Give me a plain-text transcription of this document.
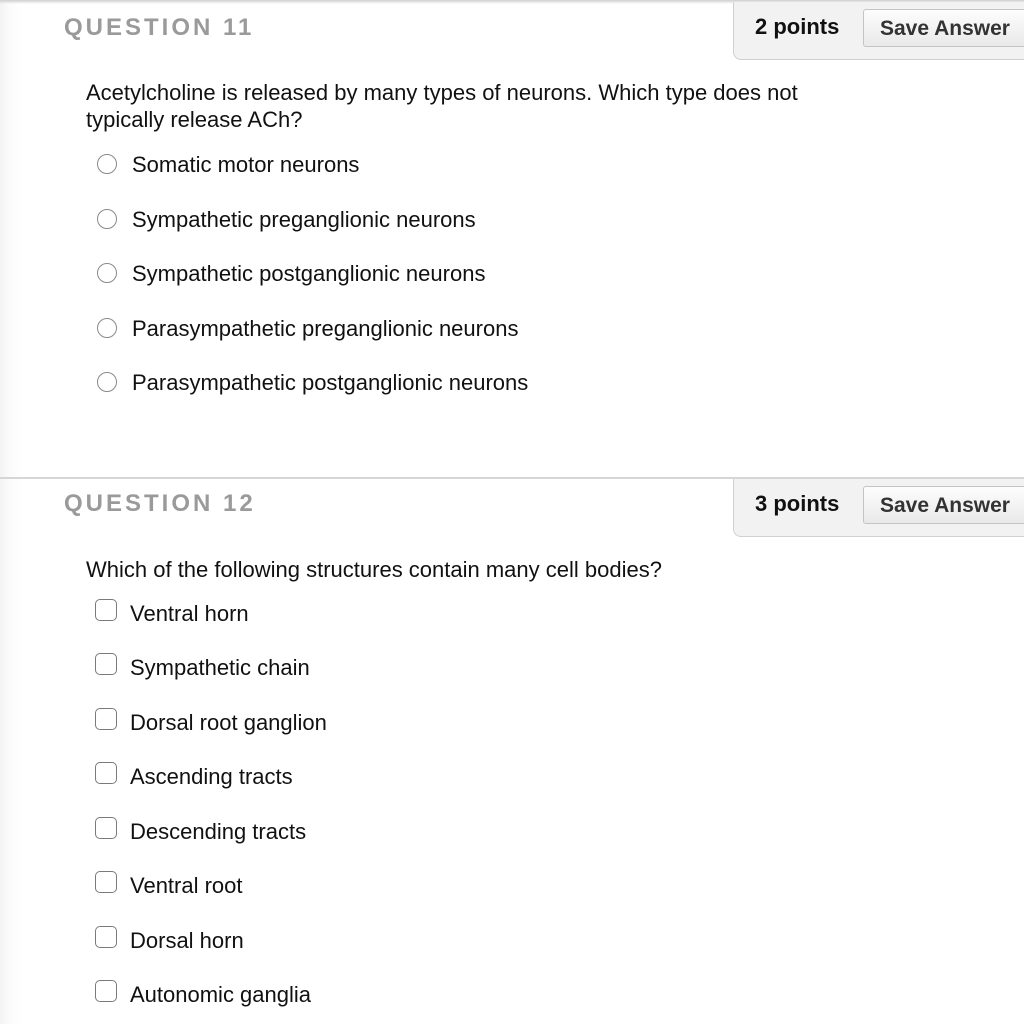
QUESTION 11	2 points	Save Answer
Acetylcholine is released by many types of neurons. Which type does not typically release ACh?
Somatic motor neurons
Sympathetic preganglionic neurons
Sympathetic postganglionic neurons
Parasympathetic preganglionic neurons
Parasympathetic postganglionic neurons
QUESTION 12	3 points	Save Answer
Which of the following structures contain many cell bodies?
Ventral horn
Sympathetic chain
Dorsal root ganglion
Ascending tracts
Descending tracts
Ventral root
Dorsal horn
Autonomic ganglia
